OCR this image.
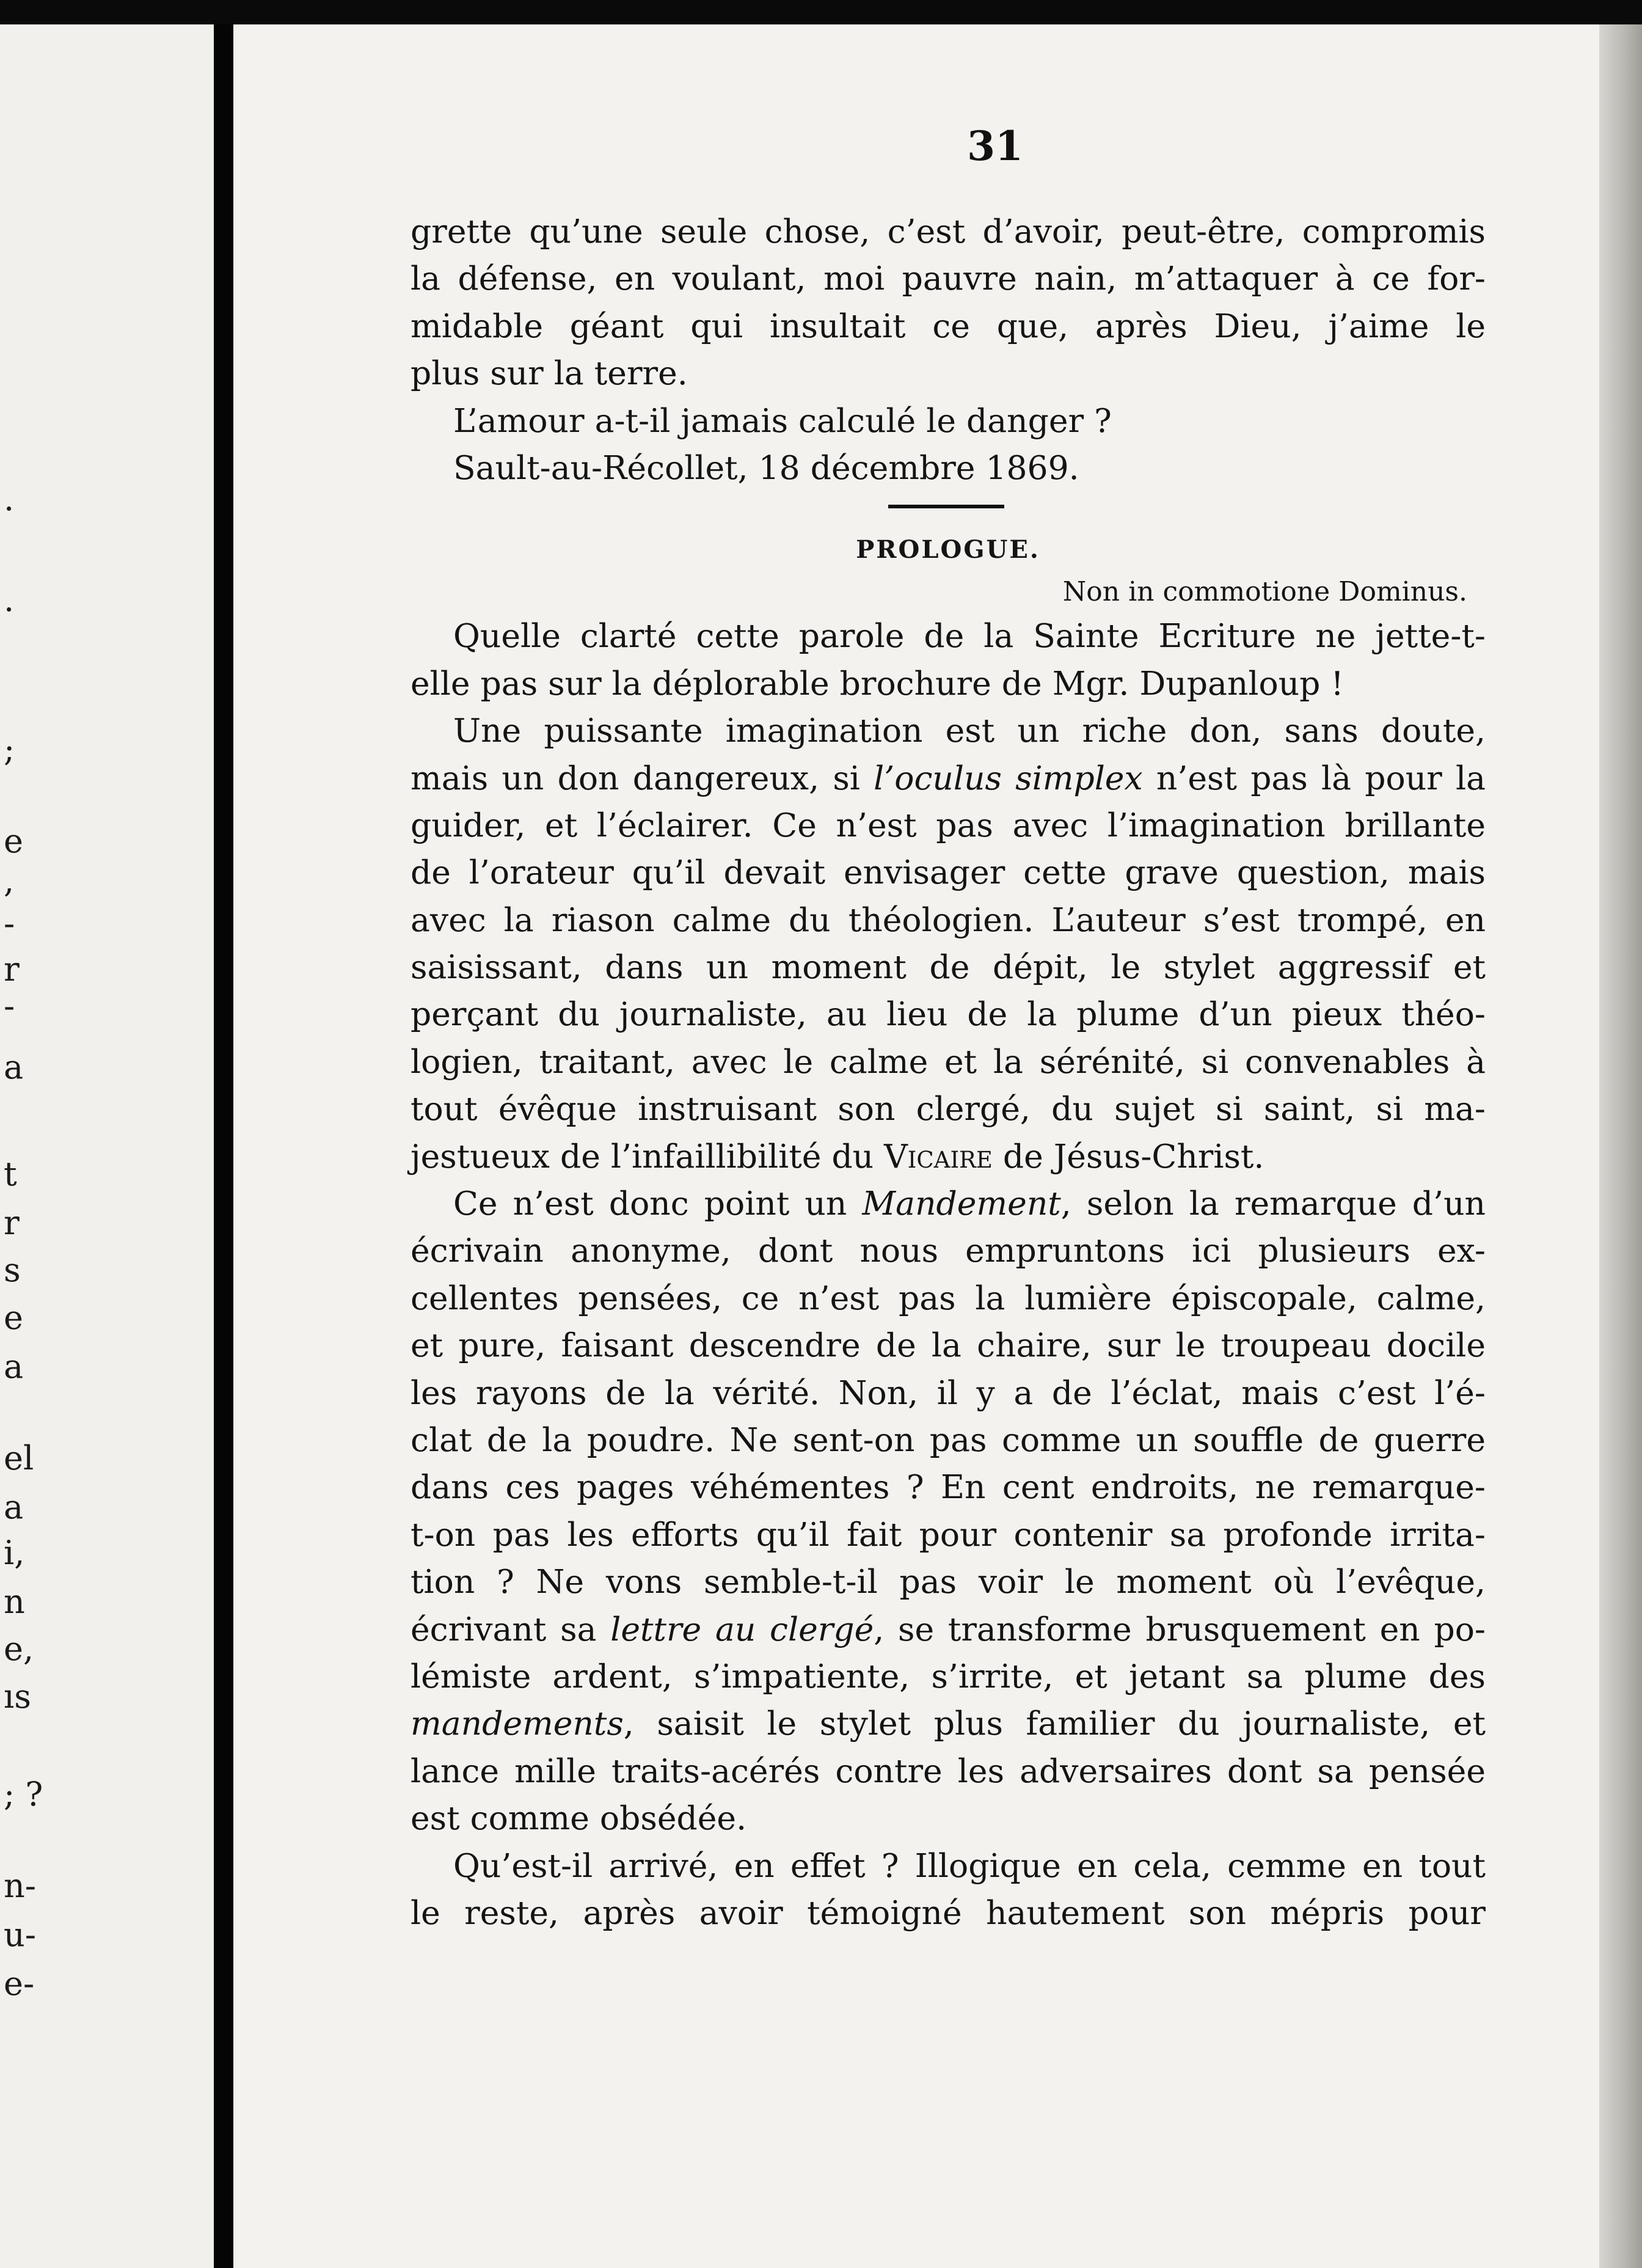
.
.
;
e
,
-
r
-
a
t
r
s
e
a
el
a
i,
n
e,
ıs
; ?
n-
u-
e-
31
grette qu’une seule chose, c’est d’avoir, peut-être, compromis
la défense, en voulant, moi pauvre nain, m’attaquer à ce for-
midable géant qui insultait ce que, après Dieu, j’aime le
plus sur la terre.
L’amour a-t-il jamais calculé le danger ?
Sault-au-Récollet, 18 décembre 1869.
PROLOGUE.
Non in commotione Dominus.
Quelle clarté cette parole de la Sainte Ecriture ne jette-t-
elle pas sur la déplorable brochure de Mgr. Dupanloup !
Une puissante imagination est un riche don, sans doute,
mais un don dangereux, si l’oculus simplex n’est pas là pour la
guider, et l’éclairer. Ce n’est pas avec l’imagination brillante
de l’orateur qu’il devait envisager cette grave question, mais
avec la riason calme du théologien. L’auteur s’est trompé, en
saisissant, dans un moment de dépit, le stylet aggressif et
perçant du journaliste, au lieu de la plume d’un pieux théo-
logien, traitant, avec le calme et la sérénité, si convenables à
tout évêque instruisant son clergé, du sujet si saint, si ma-
jestueux de l’infaillibilité du Vicaire de Jésus-Christ.
Ce n’est donc point un Mandement, selon la remarque d’un
écrivain anonyme, dont nous empruntons ici plusieurs ex-
cellentes pensées, ce n’est pas la lumière épiscopale, calme,
et pure, faisant descendre de la chaire, sur le troupeau docile
les rayons de la vérité. Non, il y a de l’éclat, mais c’est l’é-
clat de la poudre. Ne sent-on pas comme un souffle de guerre
dans ces pages véhémentes ? En cent endroits, ne remarque-
t-on pas les efforts qu’il fait pour contenir sa profonde irrita-
tion ? Ne vons semble-t-il pas voir le moment où l’evêque,
écrivant sa lettre au clergé, se transforme brusquement en po-
lémiste ardent, s’impatiente, s’irrite, et jetant sa plume des
mandements, saisit le stylet plus familier du journaliste, et
lance mille traits-acérés contre les adversaires dont sa pensée
est comme obsédée.
Qu’est-il arrivé, en effet ? Illogique en cela, cemme en tout
le reste, après avoir témoigné hautement son mépris pour
